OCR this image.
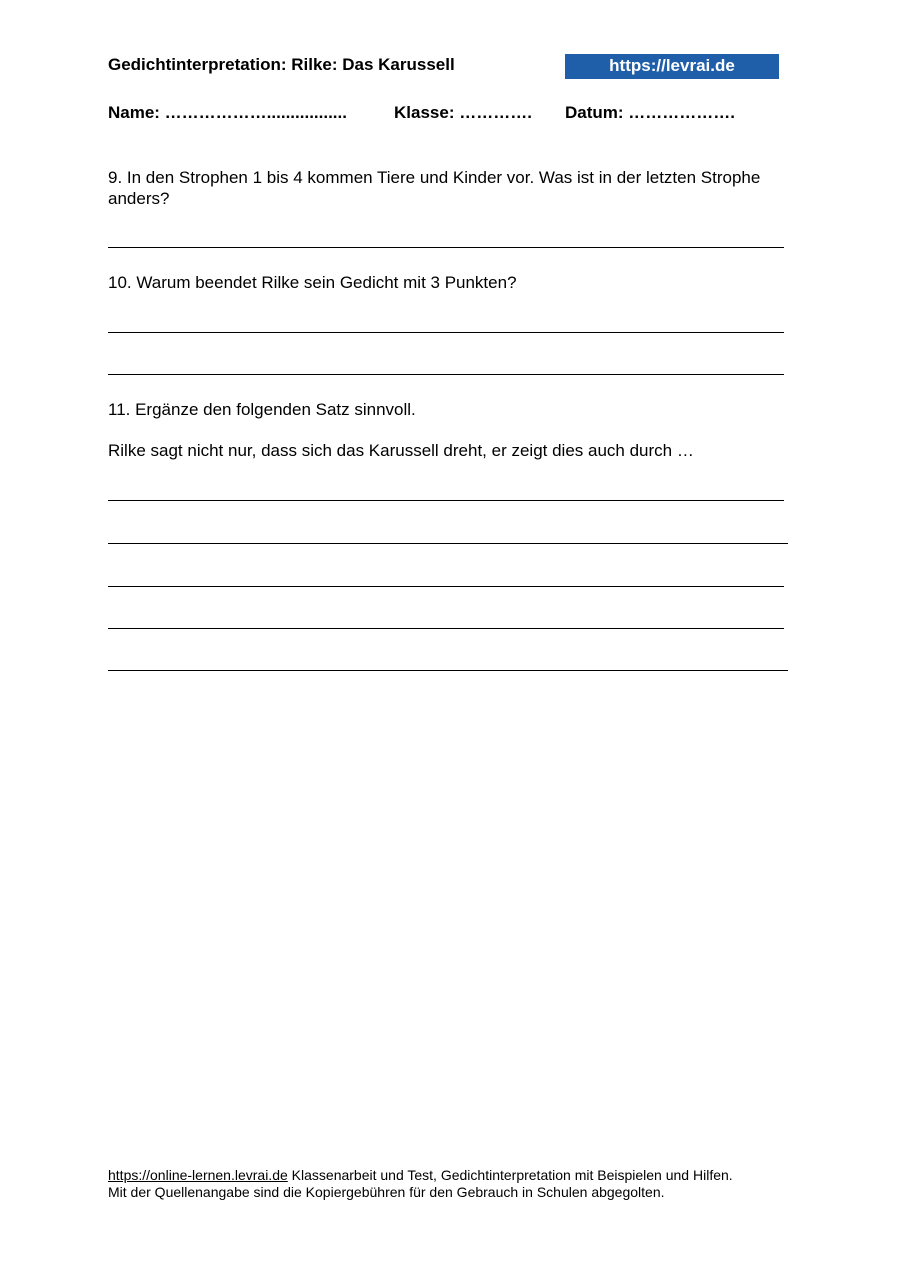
Gedichtinterpretation: Rilke: Das Karussell	https://levrai.de
Name: ……………….................	Klasse: …………. Datum: ……………….
9. In den Strophen 1 bis 4 kommen Tiere und Kinder vor. Was ist in der letzten Strophe anders?
10. Warum beendet Rilke sein Gedicht mit 3 Punkten?
11. Ergänze den folgenden Satz sinnvoll.
Rilke sagt nicht nur, dass sich das Karussell dreht, er zeigt dies auch durch …
https://online-lernen.levrai.de Klassenarbeit und Test, Gedichtinterpretation mit Beispielen und Hilfen.
Mit der Quellenangabe sind die Kopiergebühren für den Gebrauch in Schulen abgegolten.
